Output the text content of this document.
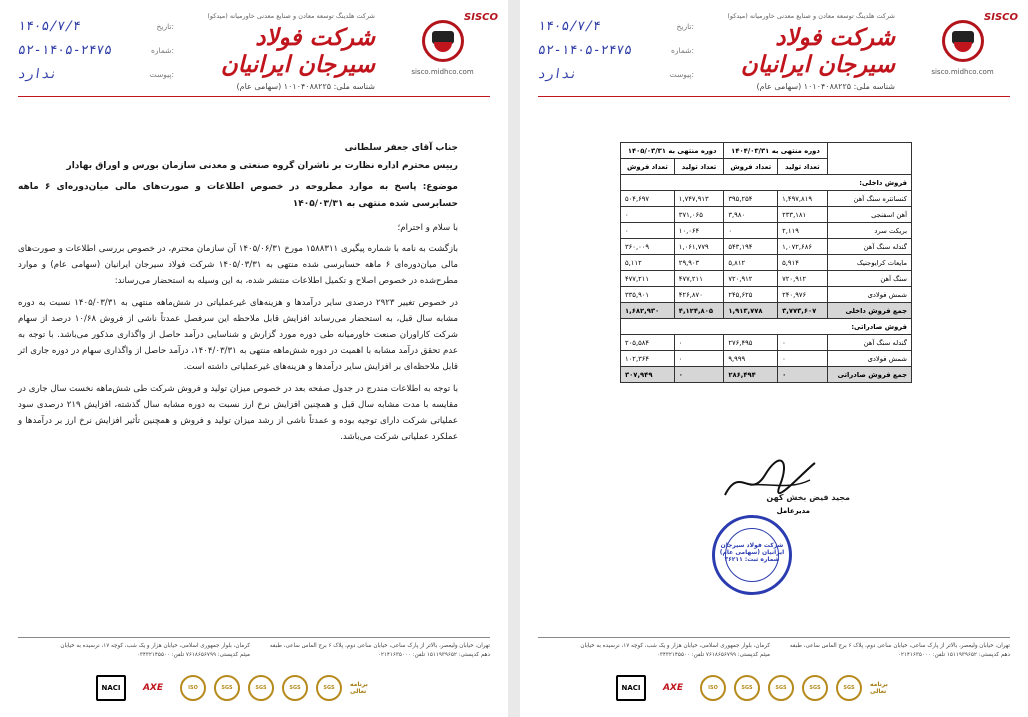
SISCO
sisco.midhco.com
شرکت هلدینگ توسعه معادن و صنایع معدنی خاورمیانه (میدکو)
شرکت فولاد سیرجان ایرانیان
شناسه ملی: ۱۰۱۰۴۰۸۸۲۲۵ (سهامی عام)
۱۴۰۵/۷/۴	تاریخ:
۵۲-۱۴۰۵-۲۴۷۵	شماره:
ندارد	پیوست:
جناب آقای جعفر سلطانی

رییس محترم اداره نظارت بر ناشران گروه صنعتی و معدنی سازمان بورس و اوراق بهادار

موضوع: پاسخ به موارد مطروحه در خصوص اطلاعات و صورت‌های مالی میان‌دوره‌ای ۶ ماهه حسابرسی شده منتهی به ۱۴۰۵/۰۳/۳۱

با سلام و احترام؛

بازگشت به نامه با شماره پیگیری ۱۵۸۸۳۱۱ مورخ ۱۴۰۵/۰۶/۳۱ آن سازمان محترم، در خصوص بررسی اطلاعات و صورت‌های مالی میان‌دوره‌ای ۶ ماهه حسابرسی شده منتهی به ۱۴۰۵/۰۳/۳۱ شرکت فولاد سیرجان ایرانیان (سهامی عام) و موارد مطرح‌شده در خصوص اصلاح و تکمیل اطلاعات منتشر شده، به این وسیله به استحضار می‌رساند:

در خصوص تغییر ۲۹۲۳ درصدی سایر درآمدها و هزینه‌های غیرعملیاتی در شش‌ماهه منتهی به ۱۴۰۵/۰۳/۳۱ نسبت به دوره مشابه سال قبل، به استحضار می‌رساند افزایش قابل ملاحظه این سرفصل عمدتاً ناشی از فروش ۱۰/۶۸ درصد از سهام شرکت کاراوران صنعت خاورمیانه طی دوره مورد گزارش و شناسایی درآمد حاصل از واگذاری مذکور می‌باشد. با توجه به عدم تحقق درآمد مشابه با اهمیت در دوره شش‌ماهه منتهی به ۱۴۰۴/۰۳/۳۱، درآمد حاصل از واگذاری سهام در دوره جاری اثر قابل ملاحظه‌ای بر افزایش سایر درآمدها و هزینه‌های غیرعملیاتی داشته است.

با توجه به اطلاعات مندرج در جدول صفحه بعد در خصوص میزان تولید و فروش شرکت طی شش‌ماهه نخست سال جاری در مقایسه با مدت مشابه سال قبل و همچنین افزایش نرخ ارز نسبت به دوره مشابه سال گذشته، افزایش ۲۱۹ درصدی سود عملیاتی شرکت دارای توجیه بوده و عمدتاً ناشی از رشد میزان تولید و فروش و همچنین تأثیر افزایش نرخ ارز بر درآمدها و عملکرد عملیاتی شرکت می‌باشد.

تهران، خیابان ولیعصر، بالاتر از پارک ساعی، خیابان ساعی دوم، پلاک ۶ برج الماس ساعی، طبقه دهم کدپستی: ۱۵۱۱۹۳۹۶۵۲ تلفن: ۰۲۱۴۱۶۳۵۰۰۰
کرمان، بلوار جمهوری اسلامی، خیابان هزار و یک شب، کوچه ۱۷، نرسیده به خیابان میثم کدپستی: ۷۶۱۸۶۵۶۷۹۹ تلفن: ۰۳۴۳۲۱۴۵۵۰۰
NACI	AXE	ISO	SGS	SGS	SGS	SGS	برنامه تعالی
SISCO
sisco.midhco.com
شرکت هلدینگ توسعه معادن و صنایع معدنی خاورمیانه (میدکو)
شرکت فولاد سیرجان ایرانیان
شناسه ملی: ۱۰۱۰۴۰۸۸۲۲۵ (سهامی عام)
۱۴۰۵/۷/۴	تاریخ:
۵۲-۱۴۰۵-۲۴۷۵	شماره:
ندارد	پیوست:
	دوره منتهی به ۱۴۰۴/۰۳/۳۱		دوره منتهی به ۱۴۰۵/۰۳/۳۱	
	تعداد تولید	تعداد فروش	تعداد تولید	تعداد فروش
فروش داخلی:				
کنسانتره سنگ آهن	۱,۴۹۷,۸۱۹	۳۹۵,۲۵۴	۱,۷۴۷,۹۱۳	۵۰۴,۶۹۷
آهن اسفنجی	۲۳۳,۱۸۱	۳,۹۸۰	۳۷۱,۰۶۵	۰
بریکت سرد	۲,۱۱۹	۰	۱۰,۰۶۴	۰
گندله سنگ آهن	۱,۰۷۲,۶۸۶	۵۴۳,۱۹۴	۱,۰۶۱,۷۷۹	۳۶۰,۰۰۹
مایعات کرایوجنیک	۵,۹۱۴	۵,۸۱۲	۲۹,۹۰۳	۵,۱۱۲
سنگ آهن	۷۲۰,۹۱۲	۷۲۰,۹۱۲	۴۷۷,۲۱۱	۴۷۷,۲۱۱
شمش فولادی	۲۴۰,۹۷۶	۲۴۵,۶۲۵	۴۲۶,۸۷۰	۳۳۵,۹۰۱
جمع فروش داخلی	۳,۷۷۳,۶۰۷	۱,۹۱۳,۷۷۸	۴,۱۲۴,۸۰۵	۱,۶۸۲,۹۳۰
فروش صادراتی:				
گندله سنگ آهن	۰	۲۷۶,۴۹۵	۰	۲۰۵,۵۸۴
شمش فولادی	۰	۹,۹۹۹	۰	۱۰۲,۳۶۴
جمع فروش صادراتی	۰	۲۸۶,۴۹۴	۰	۳۰۷,۹۴۹
مجید فیض بخش کهن
مدیرعامل
شرکت فولاد سیرجان ایرانیان (سهامی عام) شماره ثبت: ۳۶۲۱۱
تهران، خیابان ولیعصر، بالاتر از پارک ساعی، خیابان ساعی دوم، پلاک ۶ برج الماس ساعی، طبقه دهم کدپستی: ۱۵۱۱۹۳۹۶۵۲ تلفن: ۰۲۱۴۱۶۳۵۰۰۰
کرمان، بلوار جمهوری اسلامی، خیابان هزار و یک شب، کوچه ۱۷، نرسیده به خیابان میثم کدپستی: ۷۶۱۸۶۵۶۷۹۹ تلفن: ۰۳۴۳۲۱۴۵۵۰۰
NACI	AXE	ISO	SGS	SGS	SGS	SGS	برنامه تعالی
